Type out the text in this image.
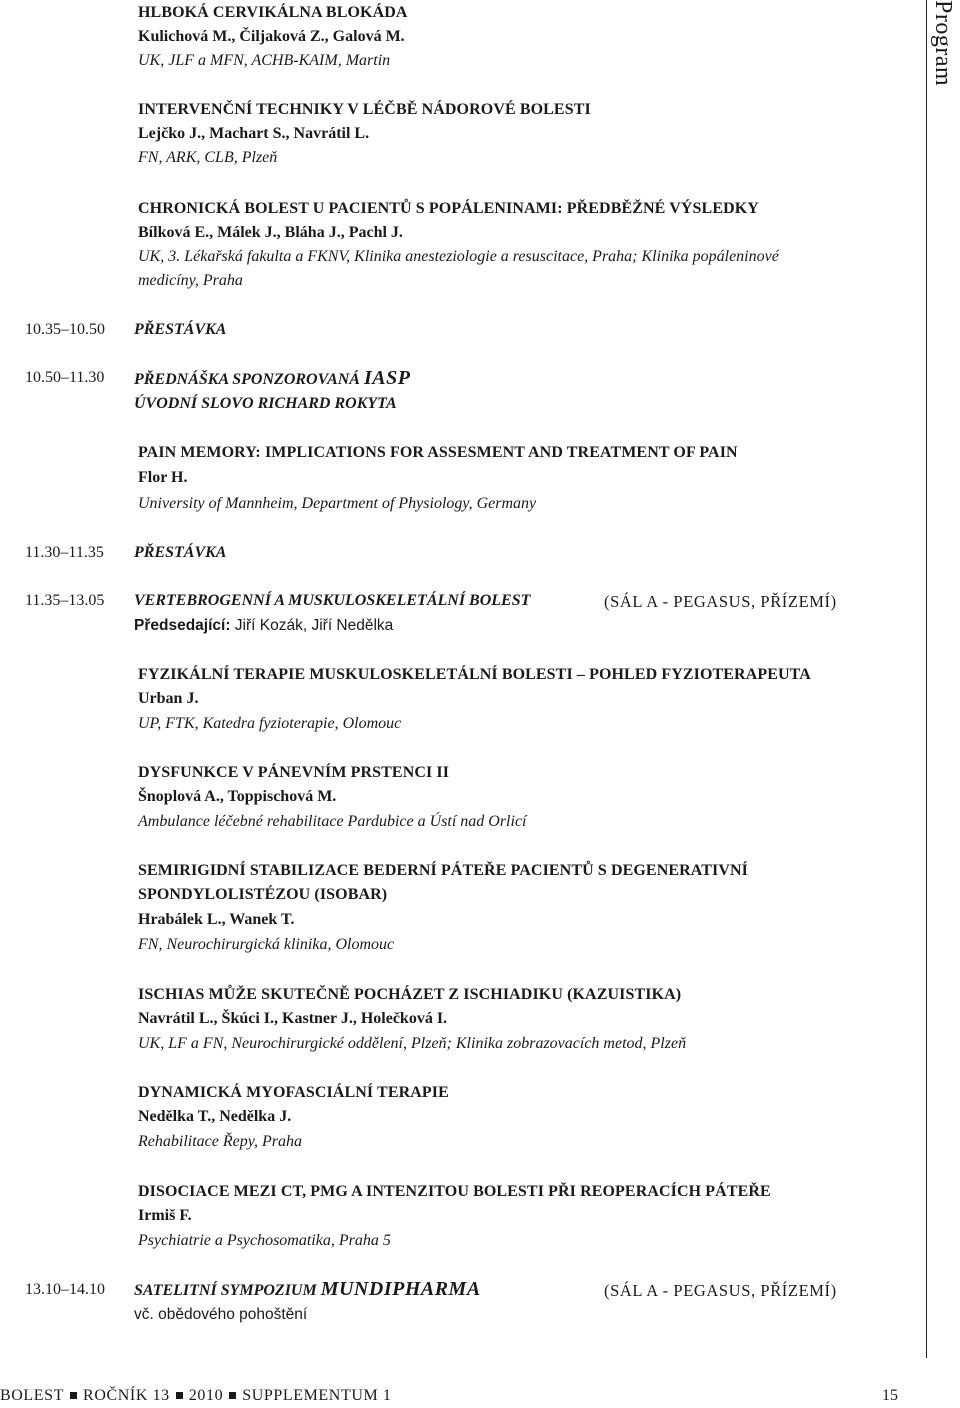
Program
HLBOKÁ CERVIKÁLNA BLOKÁDA
Kulichová M., Čiljaková Z., Galová M.
UK, JLF a MFN, ACHB-KAIM, Martin
INTERVENČNÍ TECHNIKY V LÉČBĚ NÁDOROVÉ BOLESTI
Lejčko J., Machart S., Navrátil L.
FN, ARK, CLB, Plzeň
CHRONICKÁ BOLEST U PACIENTŮ S POPÁLENINAMI: PŘEDBĚŽNÉ VÝSLEDKY
Bílková E., Málek J., Bláha J., Pachl J.
UK, 3. Lékařská fakulta a FKNV, Klinika anesteziologie a resuscitace, Praha; Klinika popáleninové
medicíny, Praha
10.35–10.50 PŘESTÁVKA
10.50–11.30 PŘEDNÁŠKA SPONZOROVANÁ IASP
ÚVODNÍ SLOVO RICHARD ROKYTA
PAIN MEMORY: IMPLICATIONS FOR ASSESMENT AND TREATMENT OF PAIN
Flor H.
University of Mannheim, Department of Physiology, Germany
11.30–11.35 PŘESTÁVKA
11.35–13.05 VERTEBROGENNÍ A MUSKULOSKELETÁLNÍ BOLEST	(SÁL A - PEGASUS, PŘÍZEMÍ)
Předsedající: Jiří Kozák, Jiří Nedělka
FYZIKÁLNÍ TERAPIE MUSKULOSKELETÁLNÍ BOLESTI – POHLED FYZIOTERAPEUTA
Urban J.
UP, FTK, Katedra fyzioterapie, Olomouc
DYSFUNKCE V PÁNEVNÍM PRSTENCI II
Šnoplová A., Toppischová M.
Ambulance léčebné rehabilitace Pardubice a Ústí nad Orlicí
SEMIRIGIDNÍ STABILIZACE BEDERNÍ PÁTEŘE PACIENTŮ S DEGENERATIVNÍ
SPONDYLOLISTÉZOU (ISOBAR)
Hrabálek L., Wanek T.
FN, Neurochirurgická klinika, Olomouc
ISCHIAS MŮŽE SKUTEČNĚ POCHÁZET Z ISCHIADIKU (KAZUISTIKA)
Navrátil L., Škúci I., Kastner J., Holečková I.
UK, LF a FN, Neurochirurgické oddělení, Plzeň; Klinika zobrazovacích metod, Plzeň
DYNAMICKÁ MYOFASCIÁLNÍ TERAPIE
Nedělka T., Nedělka J.
Rehabilitace Řepy, Praha
DISOCIACE MEZI CT, PMG A INTENZITOU BOLESTI PŘI REOPERACÍCH PÁTEŘE
Irmiš F.
Psychiatrie a Psychosomatika, Praha 5
13.10–14.10 SATELITNÍ SYMPOZIUM MUNDIPHARMA	(SÁL A - PEGASUS, PŘÍZEMÍ)
vč. obědového pohoštění
BOLEST ROČNÍK 13 2010 SUPPLEMENTUM 1	15
